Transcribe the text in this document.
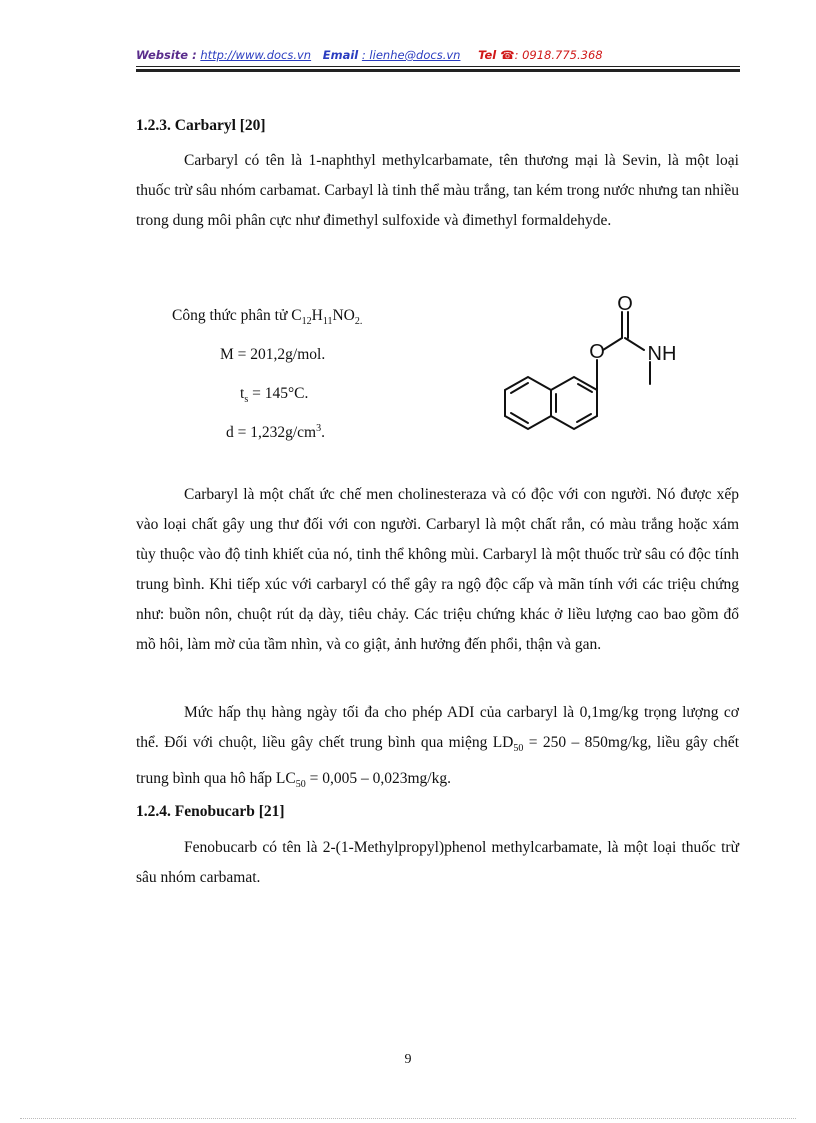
Website : http://www.docs.vn Email : lienhe@docs.vn Tel ☎: 0918.775.368
1.2.3. Carbaryl [20]

Carbaryl có tên là 1-naphthyl methylcarbamate, tên thương mại là Sevin, là một loại thuốc trừ sâu nhóm carbamat. Carbayl là tinh thể màu trắng, tan kém trong nước nhưng tan nhiều trong dung môi phân cực như đimethyl sulfoxide và đimethyl formaldehyde.

Công thức phân tử $C_{12}H_{11}NO_{2.}$
M = 201,2g/mol.
$t_s = 145^\circ C$.
$d = 1,232g/cm^3$.
O
O NH

Carbaryl là một chất ức chế men cholinesteraza và có độc với con người. Nó được xếp vào loại chất gây ung thư đối với con người. Carbaryl là một chất rắn, có màu trắng hoặc xám tùy thuộc vào độ tinh khiết của nó, tinh thể không mùi. Carbaryl là một thuốc trừ sâu có độc tính trung bình. Khi tiếp xúc với carbaryl có thể gây ra ngộ độc cấp và mãn tính với các triệu chứng như: buồn nôn, chuột rút dạ dày, tiêu chảy. Các triệu chứng khác ở liều lượng cao bao gồm đổ mồ hôi, làm mờ của tầm nhìn, và co giật, ảnh hưởng đến phổi, thận và gan.

Mức hấp thụ hàng ngày tối đa cho phép ADI của carbaryl là 0,1mg/kg trọng lượng cơ thể. Đối với chuột, liều gây chết trung bình qua miệng $LD_{50} = 250 - 850mg/kg$, liều gây chết trung bình qua hô hấp $LC_{50} = 0,005 - 0,023mg/kg$.

1.2.4. Fenobucarb [21]

Fenobucarb có tên là 2-(1-Methylpropyl)phenol methylcarbamate, là một loại thuốc trừ sâu nhóm carbamat.

9
